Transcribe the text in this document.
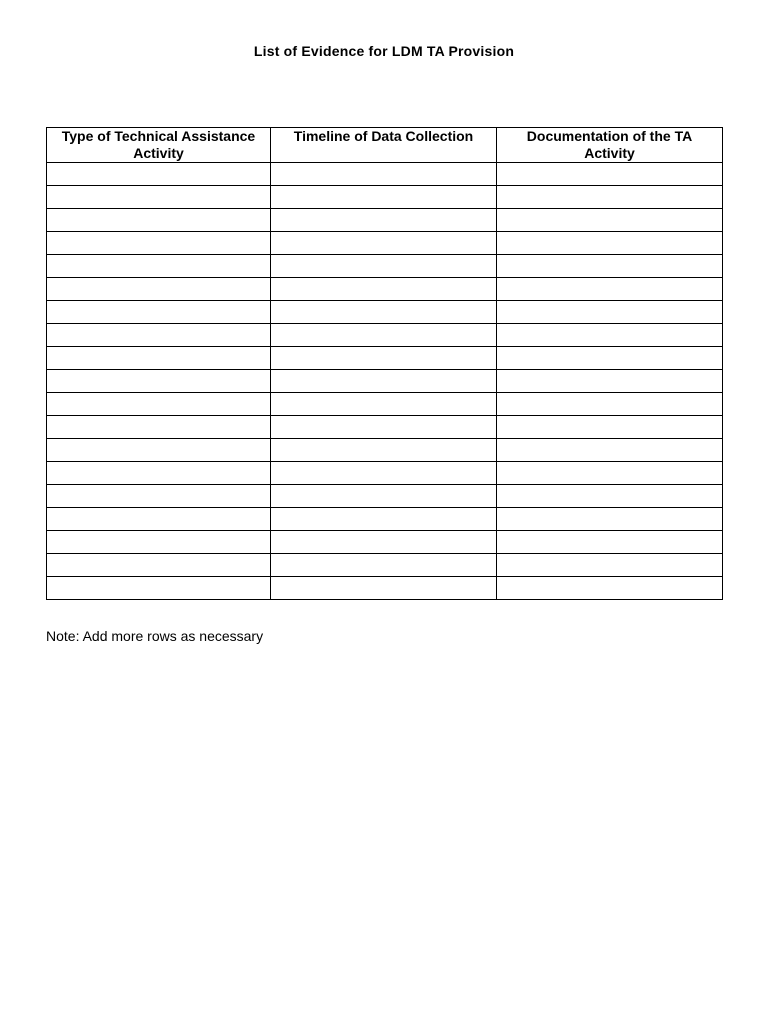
List of Evidence for LDM TA Provision
Type of Technical Assistance Activity	Timeline of Data Collection	Documentation of the TA Activity

Note: Add more rows as necessary
